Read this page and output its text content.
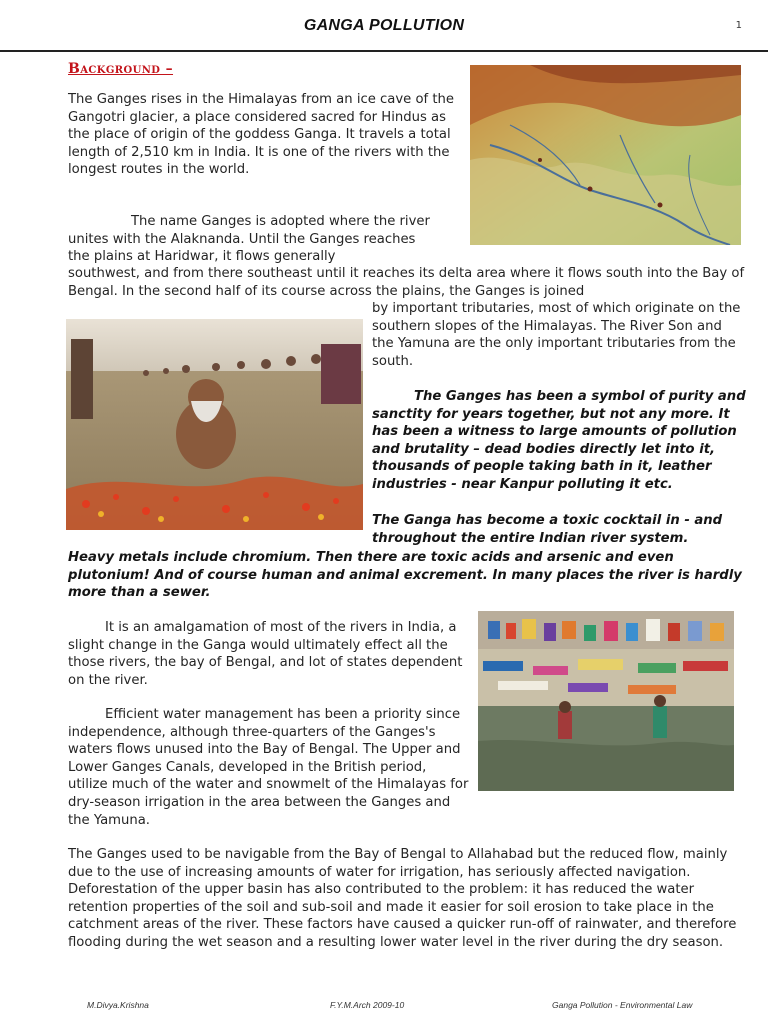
GANGA POLLUTION	1
Background –

The Ganges rises in the Himalayas from an ice cave of the Gangotri glacier, a place considered sacred for Hindus as the place of origin of the goddess Ganga. It travels a total length of 2,510 km in India. It is one of the rivers with the longest routes in the world.

The name Ganges is adopted where the river unites with the Alaknanda. Until the Ganges reaches the plains at Haridwar, it flows generally

southwest, and from there southeast until it reaches its delta area where it flows south into the Bay of Bengal. In the second half of its course across the plains, the Ganges is joined

by important tributaries, most of which originate on the southern slopes of the Himalayas. The River Son and the Yamuna are the only important tributaries from the south.

The Ganges has been a symbol of purity and sanctity for years together, but not any more. It has been a witness to large amounts of pollution and brutality – dead bodies directly let into it, thousands of people taking bath in it, leather industries - near Kanpur polluting it etc.

The Ganga has become a toxic cocktail in - and throughout the entire Indian river system.

Heavy metals include chromium. Then there are toxic acids and arsenic and even plutonium! And of course human and animal excrement. In many places the river is hardly more than a sewer.

It is an amalgamation of most of the rivers in India, a slight change in the Ganga would ultimately effect all the those rivers, the bay of Bengal, and lot of states dependent on the river.

Efficient water management has been a priority since independence, although three-quarters of the Ganges's waters flows unused into the Bay of Bengal. The Upper and Lower Ganges Canals, developed in the British period, utilize much of the water and snowmelt of the Himalayas for dry-season irrigation in the area between the Ganges and the Yamuna.

The Ganges used to be navigable from the Bay of Bengal to Allahabad but the reduced flow, mainly due to the use of increasing amounts of water for irrigation, has seriously affected navigation. Deforestation of the upper basin has also contributed to the problem: it has reduced the water retention properties of the soil and sub-soil and made it easier for soil erosion to take place in the catchment areas of the river. These factors have caused a quicker run-off of rainwater, and therefore flooding during the wet season and a resulting lower water level in the river during the dry season.

M.Divya.Krishna	F.Y.M.Arch 2009-10	Ganga Pollution - Environmental Law
